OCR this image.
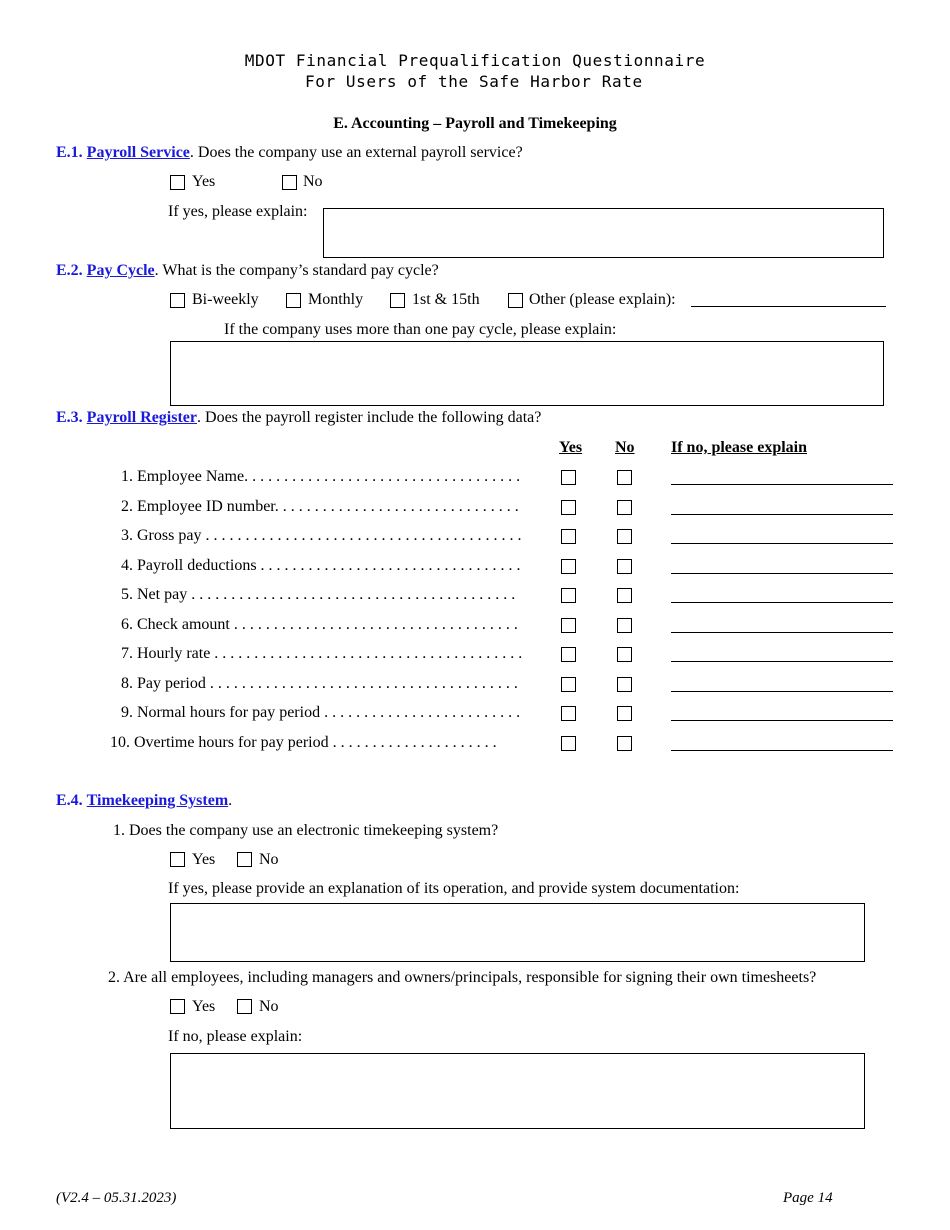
MDOT Financial Prequalification Questionnaire
For Users of the Safe Harbor Rate
E. Accounting – Payroll and Timekeeping
E.1. Payroll Service. Does the company use an external payroll service?
Yes	No
If yes, please explain:
E.2. Pay Cycle. What is the company’s standard pay cycle?
Bi-weekly	Monthly	1st & 15th	Other (please explain):
If the company uses more than one pay cycle, please explain:
E.3. Payroll Register. Does the payroll register include the following data?
Yes No If no, please explain
1. Employee Name. . . . . . . . . . . . . . . . . . . . . . . . . . . . . . . . . . .
2. Employee ID number. . . . . . . . . . . . . . . . . . . . . . . . . . . . . . .
3. Gross pay . . . . . . . . . . . . . . . . . . . . . . . . . . . . . . . . . . . . . . . .
4. Payroll deductions . . . . . . . . . . . . . . . . . . . . . . . . . . . . . . . . .
5. Net pay . . . . . . . . . . . . . . . . . . . . . . . . . . . . . . . . . . . . . . . . .
6. Check amount . . . . . . . . . . . . . . . . . . . . . . . . . . . . . . . . . . . .
7. Hourly rate . . . . . . . . . . . . . . . . . . . . . . . . . . . . . . . . . . . . . . .
8. Pay period . . . . . . . . . . . . . . . . . . . . . . . . . . . . . . . . . . . . . . .
9. Normal hours for pay period . . . . . . . . . . . . . . . . . . . . . . . . .
10. Overtime hours for pay period . . . . . . . . . . . . . . . . . . . . .
E.4. Timekeeping System.
1. Does the company use an electronic timekeeping system?
Yes	No
If yes, please provide an explanation of its operation, and provide system documentation:
2. Are all employees, including managers and owners/principals, responsible for signing their own timesheets?
Yes	No
If no, please explain:
(V2.4 – 05.31.2023)	Page 14
